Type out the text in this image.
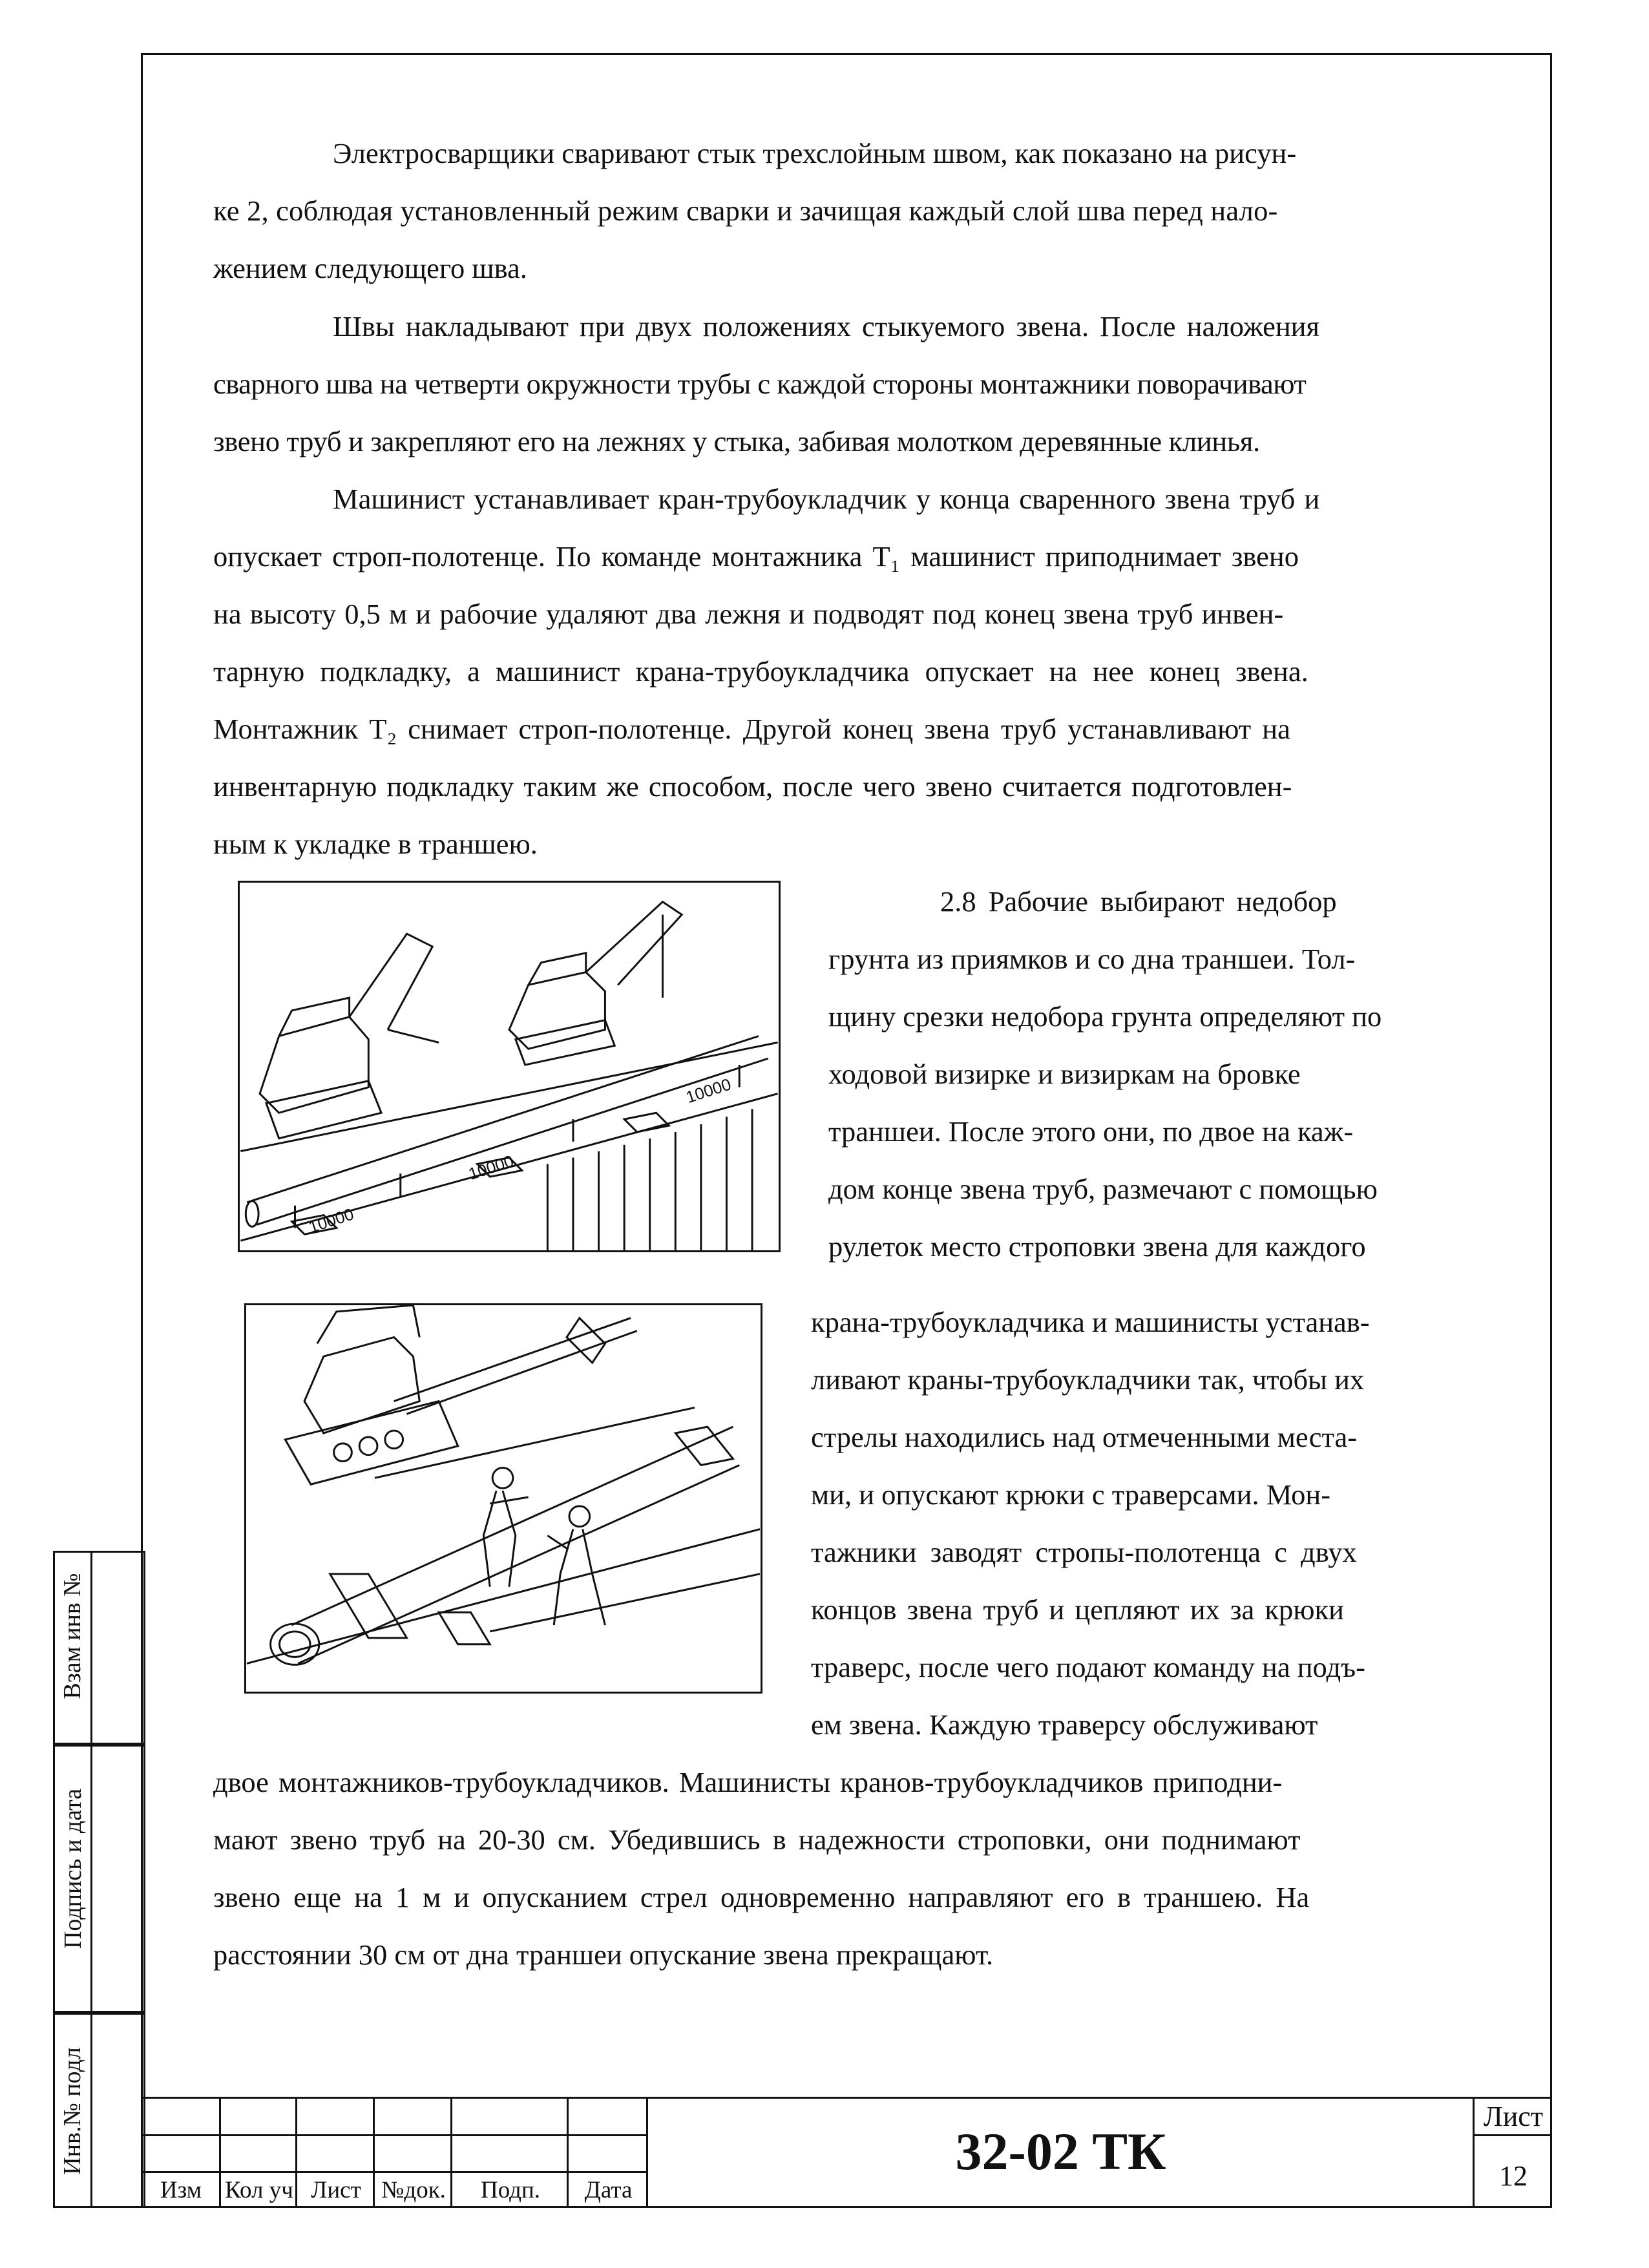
Электросварщики сваривают стык трехслойным швом, как показано на рисун-
ке 2, соблюдая установленный режим сварки и зачищая каждый слой шва перед нало-
жением следующего шва.
Швы накладывают при двух положениях стыкуемого звена. После наложения
сварного шва на четверти окружности трубы с каждой стороны монтажники поворачивают
звено труб и закрепляют его на лежнях у стыка, забивая молотком деревянные клинья.
Машинист устанавливает кран-трубоукладчик у конца сваренного звена труб и
опускает строп-полотенце. По команде монтажника Т₁ машинист приподнимает звено
на высоту 0,5 м и рабочие удаляют два лежня и подводят под конец звена труб инвен-
тарную подкладку, а машинист крана-трубоукладчика опускает на нее конец звена.
Монтажник Т₂ снимает строп-полотенце. Другой конец звена труб устанавливают на
инвентарную подкладку таким же способом, после чего звено считается подготовлен-
ным к укладке в траншею.
2.8 Рабочие выбирают недобор
грунта из приямков и со дна траншеи. Тол-
щину срезки недобора грунта определяют по
ходовой визирке и визиркам на бровке
траншеи. После этого они, по двое на каж-
дом конце звена труб, размечают с помощью
рулеток место строповки звена для каждого
крана-трубоукладчика и машинисты устанав-
ливают краны-трубоукладчики так, чтобы их
стрелы находились над отмеченными места-
ми, и опускают крюки с траверсами. Мон-
тажники заводят стропы-полотенца с двух
концов звена труб и цепляют их за крюки
траверс, после чего подают команду на подъ-
ем звена. Каждую траверсу обслуживают
двое монтажников-трубоукладчиков. Машинисты кранов-трубоукладчиков приподни-
мают звено труб на 20-30 см. Убедившись в надежности строповки, они поднимают
звено еще на 1 м и опусканием стрел одновременно направляют его в траншею. На
расстоянии 30 см от дна траншеи опускание звена прекращают.
10000
10000
10000
Взам инв №
Подпись и дата
Инв.№ подл
Изм Кол уч Лист №док.	Подп.	Дата
32-02 ТК
Лист
12
